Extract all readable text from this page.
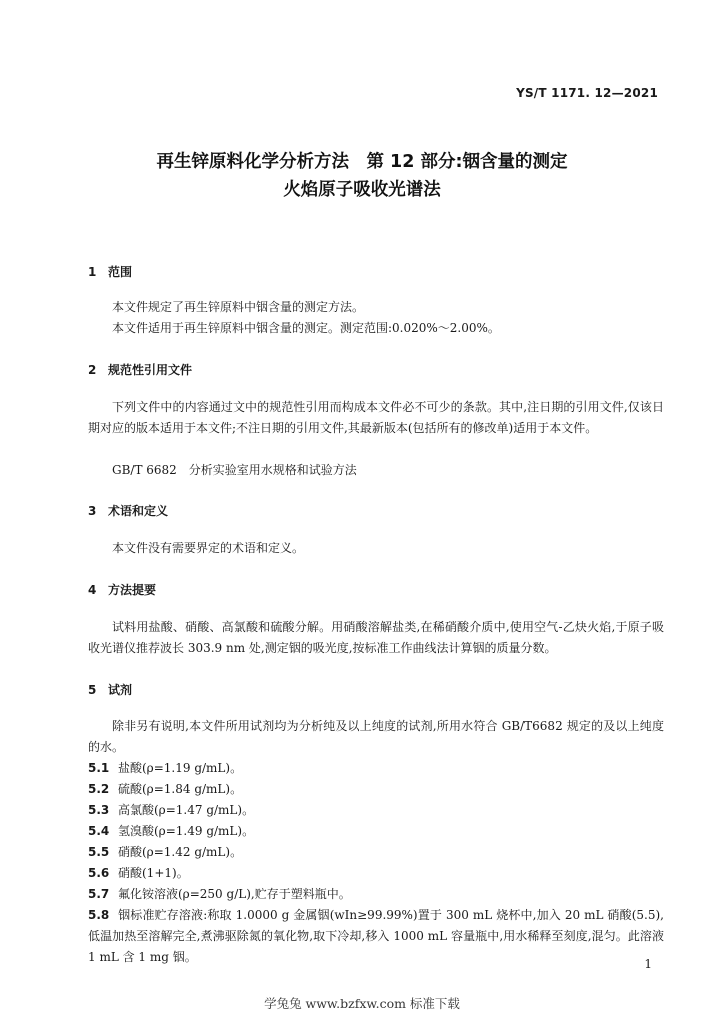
YS/T 1171. 12—2021
再生锌原料化学分析方法　第 12 部分:铟含量的测定
火焰原子吸收光谱法
1 范围
本文件规定了再生锌原料中铟含量的测定方法。
本文件适用于再生锌原料中铟含量的测定。测定范围:0.020%～2.00%。
2 规范性引用文件
下列文件中的内容通过文中的规范性引用而构成本文件必不可少的条款。其中,注日期的引用文件,仅该日期对应的版本适用于本文件;不注日期的引用文件,其最新版本(包括所有的修改单)适用于本文件。
GB/T 6682　分析实验室用水规格和试验方法
3 术语和定义
本文件没有需要界定的术语和定义。
4 方法提要
试料用盐酸、硝酸、高氯酸和硫酸分解。用硝酸溶解盐类,在稀硝酸介质中,使用空气-乙炔火焰,于原子吸收光谱仪推荐波长 303.9 nm 处,测定铟的吸光度,按标准工作曲线法计算铟的质量分数。
5 试剂
除非另有说明,本文件所用试剂均为分析纯及以上纯度的试剂,所用水符合 GB/T6682 规定的及以上纯度的水。
5.1 盐酸(ρ=1.19 g/mL)。
5.2 硫酸(ρ=1.84 g/mL)。
5.3 高氯酸(ρ=1.47 g/mL)。
5.4 氢溴酸(ρ=1.49 g/mL)。
5.5 硝酸(ρ=1.42 g/mL)。
5.6 硝酸(1+1)。
5.7 氟化铵溶液(ρ=250 g/L),贮存于塑料瓶中。
5.8 铟标准贮存溶液:称取 1.0000 g 金属铟(wIn≥99.99%)置于 300 mL 烧杯中,加入 20 mL 硝酸(5.5),低温加热至溶解完全,煮沸驱除氮的氧化物,取下冷却,移入 1000 mL 容量瓶中,用水稀释至刻度,混匀。此溶液 1 mL 含 1 mg 铟。	1
学兔兔 www.bzfxw.com 标准下载
